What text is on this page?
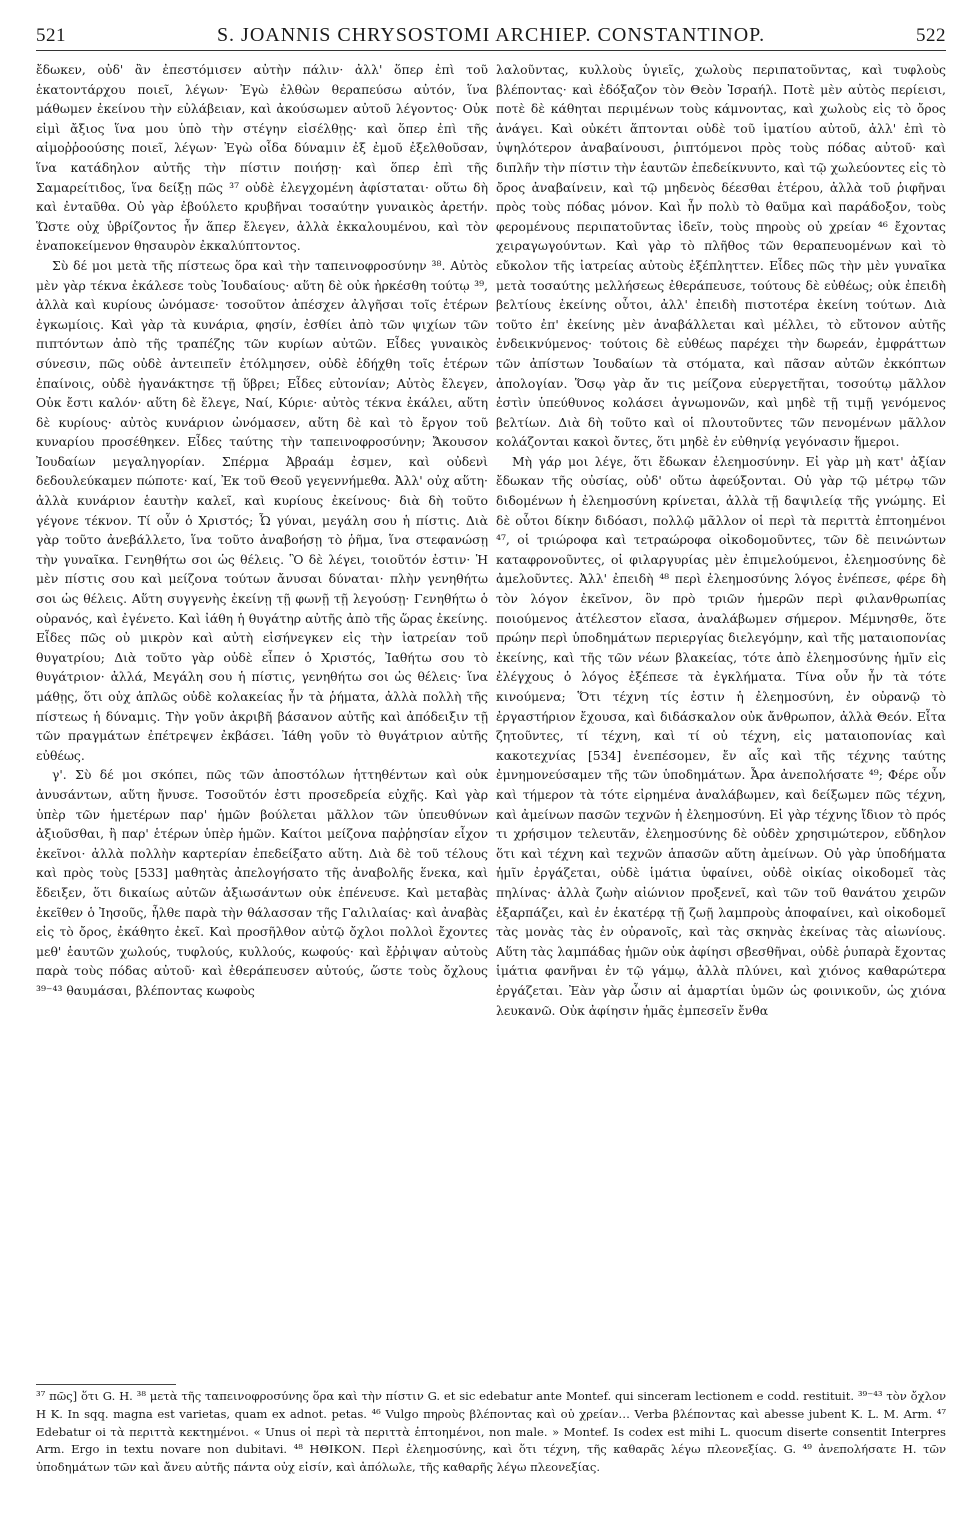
521	S. JOANNIS CHRYSOSTOMI ARCHIEP. CONSTANTINOP.	522

ἔδωκεν, οὐδ' ἂν ἐπεστόμισεν αὐτὴν πάλιν· ἀλλ' ὅπερ ἐπὶ τοῦ ἑκατοντάρχου ποιεῖ, λέγων· Ἐγὼ ἐλθὼν θεραπεύσω αὐτόν, ἵνα μάθωμεν ἐκείνου τὴν εὐλάβειαν, καὶ ἀκούσωμεν αὐτοῦ λέγοντος· Οὐκ εἰμὶ ἄξιος ἵνα μου ὑπὸ τὴν στέγην εἰσέλθῃς· καὶ ὅπερ ἐπὶ τῆς αἱμοῤῥοούσης ποιεῖ, λέγων· Ἐγὼ οἶδα δύναμιν ἐξ ἐμοῦ ἐξελθοῦσαν, ἵνα κατάδηλον αὐτῆς τὴν πίστιν ποιήσῃ· καὶ ὅπερ ἐπὶ τῆς Σαμαρείτιδος, ἵνα δείξῃ πῶς ³⁷ οὐδὲ ἐλεγχομένη ἀφίσταται· οὕτω δὴ καὶ ἐνταῦθα. Οὐ γὰρ ἐβούλετο κρυβῆναι τοσαύτην γυναικὸς ἀρετήν. Ὥστε οὐχ ὑβρίζοντος ἦν ἅπερ ἔλεγεν, ἀλλὰ ἐκκαλουμένου, καὶ τὸν ἐναποκείμενον θησαυρὸν ἐκκαλύπτοντος.

Σὺ δέ μοι μετὰ τῆς πίστεως ὅρα καὶ τὴν ταπεινοφροσύνην ³⁸. Αὐτὸς μὲν γὰρ τέκνα ἐκάλεσε τοὺς Ἰουδαίους· αὕτη δὲ οὐκ ἠρκέσθη τούτῳ ³⁹, ἀλλὰ καὶ κυρίους ὠνόμασε· τοσοῦτον ἀπέσχεν ἀλγῆσαι τοῖς ἑτέρων ἐγκωμίοις. Καὶ γὰρ τὰ κυνάρια, φησίν, ἐσθίει ἀπὸ τῶν ψιχίων τῶν πιπτόντων ἀπὸ τῆς τραπέζης τῶν κυρίων αὐτῶν. Εἶδες γυναικὸς σύνεσιν, πῶς οὐδὲ ἀντειπεῖν ἐτόλμησεν, οὐδὲ ἐδήχθη τοῖς ἑτέρων ἐπαίνοις, οὐδὲ ἠγανάκτησε τῇ ὕβρει; Εἶδες εὐτονίαν; Αὐτὸς ἔλεγεν, Οὐκ ἔστι καλόν· αὕτη δὲ ἔλεγε, Ναί, Κύριε· αὐτὸς τέκνα ἐκάλει, αὕτη δὲ κυρίους· αὐτὸς κυνάριον ὠνόμασεν, αὕτη δὲ καὶ τὸ ἔργον τοῦ κυναρίου προσέθηκεν. Εἶδες ταύτης τὴν ταπεινοφροσύνην; Ἄκουσον Ἰουδαίων μεγαληγορίαν. Σπέρμα Ἀβραάμ ἐσμεν, καὶ οὐδενὶ δεδουλεύκαμεν πώποτε· καί, Ἐκ τοῦ Θεοῦ γεγεννήμεθα. Ἀλλ' οὐχ αὕτη· ἀλλὰ κυνάριον ἑαυτὴν καλεῖ, καὶ κυρίους ἐκείνους· διὰ δὴ τοῦτο γέγονε τέκνον. Τί οὖν ὁ Χριστός; Ὦ γύναι, μεγάλη σου ἡ πίστις. Διὰ γὰρ τοῦτο ἀνεβάλλετο, ἵνα τοῦτο ἀναβοήσῃ τὸ ῥῆμα, ἵνα στεφανώσῃ τὴν γυναῖκα. Γενηθήτω σοι ὡς θέλεις. Ὃ δὲ λέγει, τοιοῦτόν ἐστιν· Ἡ μὲν πίστις σου καὶ μείζονα τούτων ἄνυσαι δύναται· πλὴν γενηθήτω σοι ὡς θέλεις. Αὕτη συγγενὴς ἐκείνῃ τῇ φωνῇ τῇ λεγούσῃ· Γενηθήτω ὁ οὐρανός, καὶ ἐγένετο. Καὶ ἰάθη ἡ θυγάτηρ αὐτῆς ἀπὸ τῆς ὥρας ἐκείνης. Εἶδες πῶς οὐ μικρὸν καὶ αὐτὴ εἰσήνεγκεν εἰς τὴν ἰατρείαν τοῦ θυγατρίου; Διὰ τοῦτο γὰρ οὐδὲ εἶπεν ὁ Χριστός, Ἰαθήτω σου τὸ θυγάτριον· ἀλλά, Μεγάλη σου ἡ πίστις, γενηθήτω σοι ὡς θέλεις· ἵνα μάθῃς, ὅτι οὐχ ἁπλῶς οὐδὲ κολακείας ἦν τὰ ῥήματα, ἀλλὰ πολλὴ τῆς πίστεως ἡ δύναμις. Τὴν γοῦν ἀκριβῆ βάσανον αὐτῆς καὶ ἀπόδειξιν τῇ τῶν πραγμάτων ἐπέτρεψεν ἐκβάσει. Ἰάθη γοῦν τὸ θυγάτριον αὐτῆς εὐθέως.

γ'. Σὺ δέ μοι σκόπει, πῶς τῶν ἀποστόλων ἡττηθέντων καὶ οὐκ ἀνυσάντων, αὕτη ἤνυσε. Τοσοῦτόν ἐστι προσεδρεία εὐχῆς. Καὶ γὰρ ὑπὲρ τῶν ἡμετέρων παρ' ἡμῶν βούλεται μᾶλλον τῶν ὑπευθύνων ἀξιοῦσθαι, ἢ παρ' ἑτέρων ὑπὲρ ἡμῶν. Καίτοι μείζονα παῤῥησίαν εἶχον ἐκεῖνοι· ἀλλὰ πολλὴν καρτερίαν ἐπεδείξατο αὕτη. Διὰ δὲ τοῦ τέλους καὶ πρὸς τοὺς [533] μαθητὰς ἀπελογήσατο τῆς ἀναβολῆς ἕνεκα, καὶ ἔδειξεν, ὅτι δικαίως αὐτῶν ἀξιωσάντων οὐκ ἐπένευσε. Καὶ μεταβὰς ἐκεῖθεν ὁ Ἰησοῦς, ἦλθε παρὰ τὴν θάλασσαν τῆς Γαλιλαίας· καὶ ἀναβὰς εἰς τὸ ὄρος, ἐκάθητο ἐκεῖ. Καὶ προσῆλθον αὐτῷ ὄχλοι πολλοὶ ἔχοντες μεθ' ἑαυτῶν χωλούς, τυφλούς, κυλλούς, κωφούς· καὶ ἔῤῥιψαν αὐτοὺς παρὰ τοὺς πόδας αὐτοῦ· καὶ ἐθεράπευσεν αὐτούς, ὥστε τοὺς ὄχλους ³⁹⁻⁴³ θαυμάσαι, βλέποντας κωφοὺς

λαλοῦντας, κυλλοὺς ὑγιεῖς, χωλοὺς περιπατοῦντας, καὶ τυφλοὺς βλέποντας· καὶ ἐδόξαζον τὸν Θεὸν Ἰσραήλ. Ποτὲ μὲν αὐτὸς περίεισι, ποτὲ δὲ κάθηται περιμένων τοὺς κάμνοντας, καὶ χωλοὺς εἰς τὸ ὄρος ἀνάγει. Καὶ οὐκέτι ἅπτονται οὐδὲ τοῦ ἱματίου αὐτοῦ, ἀλλ' ἐπὶ τὸ ὑψηλότερον ἀναβαίνουσι, ῥιπτόμενοι πρὸς τοὺς πόδας αὐτοῦ· καὶ διπλῆν τὴν πίστιν τὴν ἑαυτῶν ἐπεδείκνυντο, καὶ τῷ χωλεύοντες εἰς τὸ ὄρος ἀναβαίνειν, καὶ τῷ μηδενὸς δέεσθαι ἑτέρου, ἀλλὰ τοῦ ῥιφῆναι πρὸς τοὺς πόδας μόνον. Καὶ ἦν πολὺ τὸ θαῦμα καὶ παράδοξον, τοὺς φερομένους περιπατοῦντας ἰδεῖν, τοὺς πηροὺς οὐ χρείαν ⁴⁶ ἔχοντας χειραγωγούντων. Καὶ γὰρ τὸ πλῆθος τῶν θεραπευομένων καὶ τὸ εὔκολον τῆς ἰατρείας αὐτοὺς ἐξέπληττεν. Εἶδες πῶς τὴν μὲν γυναῖκα μετὰ τοσαύτης μελλήσεως ἐθεράπευσε, τούτους δὲ εὐθέως; οὐκ ἐπειδὴ βελτίους ἐκείνης οὗτοι, ἀλλ' ἐπειδὴ πιστοτέρα ἐκείνη τούτων. Διὰ τοῦτο ἐπ' ἐκείνης μὲν ἀναβάλλεται καὶ μέλλει, τὸ εὔτονον αὐτῆς ἐνδεικνύμενος· τούτοις δὲ εὐθέως παρέχει τὴν δωρεάν, ἐμφράττων τῶν ἀπίστων Ἰουδαίων τὰ στόματα, καὶ πᾶσαν αὐτῶν ἐκκόπτων ἀπολογίαν. Ὅσῳ γὰρ ἄν τις μείζονα εὐεργετῆται, τοσούτῳ μᾶλλον ἐστὶν ὑπεύθυνος κολάσει ἀγνωμονῶν, καὶ μηδὲ τῇ τιμῇ γενόμενος βελτίων. Διὰ δὴ τοῦτο καὶ οἱ πλουτοῦντες τῶν πενομένων μᾶλλον κολάζονται κακοὶ ὄντες, ὅτι μηδὲ ἐν εὐθηνίᾳ γεγόνασιν ἥμεροι.

Μὴ γάρ μοι λέγε, ὅτι ἔδωκαν ἐλεημοσύνην. Εἰ γὰρ μὴ κατ' ἀξίαν ἔδωκαν τῆς οὐσίας, οὐδ' οὕτω ἀφεύξονται. Οὐ γὰρ τῷ μέτρῳ τῶν διδομένων ἡ ἐλεημοσύνη κρίνεται, ἀλλὰ τῇ δαψιλείᾳ τῆς γνώμης. Εἰ δὲ οὗτοι δίκην διδόασι, πολλῷ μᾶλλον οἱ περὶ τὰ περιττὰ ἐπτοημένοι ⁴⁷, οἱ τριώροφα καὶ τετραώροφα οἰκοδομοῦντες, τῶν δὲ πεινώντων καταφρονοῦντες, οἱ φιλαργυρίας μὲν ἐπιμελούμενοι, ἐλεημοσύνης δὲ ἀμελοῦντες. Ἀλλ' ἐπειδὴ ⁴⁸ περὶ ἐλεημοσύνης λόγος ἐνέπεσε, φέρε δὴ τὸν λόγον ἐκεῖνον, ὃν πρὸ τριῶν ἡμερῶν περὶ φιλανθρωπίας ποιούμενος ἀτέλεστον εἴασα, ἀναλάβωμεν σήμερον. Μέμνησθε, ὅτε πρώην περὶ ὑποδημάτων περιεργίας διελεγόμην, καὶ τῆς ματαιοπονίας ἐκείνης, καὶ τῆς τῶν νέων βλακείας, τότε ἀπὸ ἐλεημοσύνης ἡμῖν εἰς ἐλέγχους ὁ λόγος ἐξέπεσε τὰ ἐγκλήματα. Τίνα οὖν ἦν τὰ τότε κινούμενα; Ὅτι τέχνη τίς ἐστιν ἡ ἐλεημοσύνη, ἐν οὐρανῷ τὸ ἐργαστήριον ἔχουσα, καὶ διδάσκαλον οὐκ ἄνθρωπον, ἀλλὰ Θεόν. Εἶτα ζητοῦντες, τί τέχνη, καὶ τί οὐ τέχνη, εἰς ματαιοπονίας καὶ κακοτεχνίας [534] ἐνεπέσομεν, ἔν αἷς καὶ τῆς τέχνης ταύτης ἐμνημονεύσαμεν τῆς τῶν ὑποδημάτων. Ἆρα ἀνεπολήσατε ⁴⁹; Φέρε οὖν καὶ τήμερον τὰ τότε εἰρημένα ἀναλάβωμεν, καὶ δείξωμεν πῶς τέχνη, καὶ ἀμείνων πασῶν τεχνῶν ἡ ἐλεημοσύνη. Εἰ γὰρ τέχνης ἴδιον τὸ πρός τι χρήσιμον τελευτᾶν, ἐλεημοσύνης δὲ οὐδὲν χρησιμώτερον, εὔδηλον ὅτι καὶ τέχνη καὶ τεχνῶν ἁπασῶν αὕτη ἀμείνων. Οὐ γὰρ ὑποδήματα ἡμῖν ἐργάζεται, οὐδὲ ἱμάτια ὑφαίνει, οὐδὲ οἰκίας οἰκοδομεῖ τὰς πηλίνας· ἀλλὰ ζωὴν αἰώνιον προξενεῖ, καὶ τῶν τοῦ θανάτου χειρῶν ἐξαρπάζει, καὶ ἐν ἑκατέρᾳ τῇ ζωῇ λαμπροὺς ἀποφαίνει, καὶ οἰκοδομεῖ τὰς μονὰς τὰς ἐν οὐρανοῖς, καὶ τὰς σκηνὰς ἐκείνας τὰς αἰωνίους. Αὕτη τὰς λαμπάδας ἡμῶν οὐκ ἀφίησι σβεσθῆναι, οὐδὲ ῥυπαρὰ ἔχοντας ἱμάτια φανῆναι ἐν τῷ γάμῳ, ἀλλὰ πλύνει, καὶ χιόνος καθαρώτερα ἐργάζεται. Ἐὰν γὰρ ὦσιν αἱ ἁμαρτίαι ὑμῶν ὡς φοινικοῦν, ὡς χιόνα λευκανῶ. Οὐκ ἀφίησιν ἡμᾶς ἐμπεσεῖν ἔνθα

³⁷ πῶς] ὅτι G. H. ³⁸ μετὰ τῆς ταπεινοφροσύνης ὅρα καὶ τὴν πίστιν G. et sic edebatur ante Montef. qui sinceram lectionem e codd. restituit. ³⁹⁻⁴³ τὸν ὄχλον H K. In sqq. magna est varietas, quam ex adnot. petas. ⁴⁶ Vulgo πηροὺς βλέποντας καὶ οὐ χρείαν… Verba βλέποντας καὶ abesse jubent K. L. M. Arm. ⁴⁷ Edebatur oi τὰ περιττὰ κεκτημένοι. « Unus οἱ περὶ τὰ περιττὰ ἐπτοημένοι, non male. » Montef. Is codex est mihi L. quocum diserte consentit Interpres Arm. Ergo in textu novare non dubitavi. ⁴⁸ ΗΘΙΚΟΝ. Περὶ ἐλεημοσύνης, καὶ ὅτι τέχνη, τῆς καθαρᾶς λέγω πλεονεξίας. G. ⁴⁹ ἀνεπολήσατε H. τῶν ὑποδημάτων τῶν καὶ ἄνευ αὐτῆς πάντα οὐχ εἰσίν, καὶ ἀπόλωλε, τῆς καθαρῆς λέγω πλεονεξίας.
